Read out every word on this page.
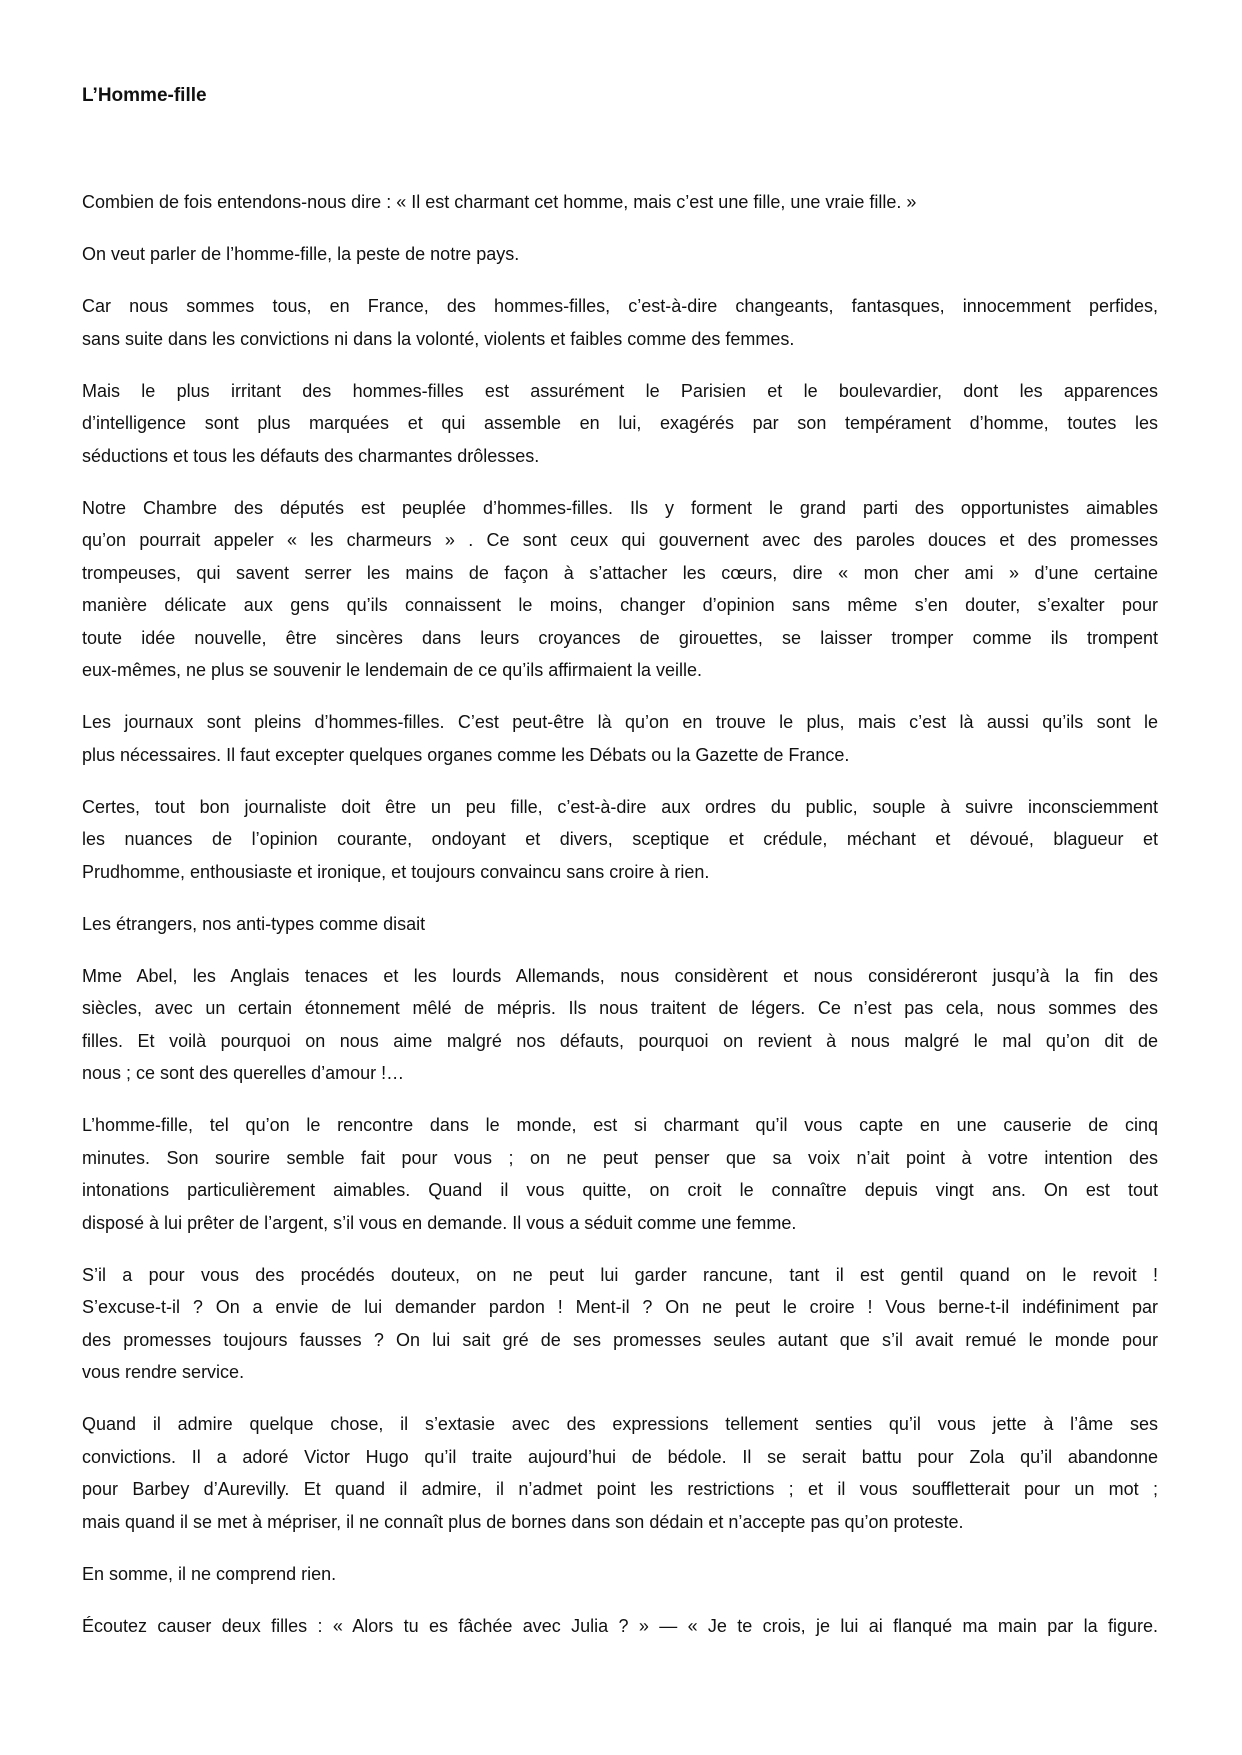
L’Homme-fille
Combien de fois entendons-nous dire : « Il est charmant cet homme, mais c’est une fille, une vraie fille. »
On veut parler de l’homme-fille, la peste de notre pays.
Car nous sommes tous, en France, des hommes-filles, c’est-à-dire changeants, fantasques, innocemment perfides,
sans suite dans les convictions ni dans la volonté, violents et faibles comme des femmes.
Mais le plus irritant des hommes-filles est assurément le Parisien et le boulevardier, dont les apparences
d’intelligence sont plus marquées et qui assemble en lui, exagérés par son tempérament d’homme, toutes les
séductions et tous les défauts des charmantes drôlesses.
Notre Chambre des députés est peuplée d’hommes-filles. Ils y forment le grand parti des opportunistes aimables
qu’on pourrait appeler « les charmeurs » . Ce sont ceux qui gouvernent avec des paroles douces et des promesses
trompeuses, qui savent serrer les mains de façon à s’attacher les cœurs, dire « mon cher ami » d’une certaine
manière délicate aux gens qu’ils connaissent le moins, changer d’opinion sans même s’en douter, s’exalter pour
toute idée nouvelle, être sincères dans leurs croyances de girouettes, se laisser tromper comme ils trompent
eux-mêmes, ne plus se souvenir le lendemain de ce qu’ils affirmaient la veille.
Les journaux sont pleins d’hommes-filles. C’est peut-être là qu’on en trouve le plus, mais c’est là aussi qu’ils sont le
plus nécessaires. Il faut excepter quelques organes comme les Débats ou la Gazette de France.
Certes, tout bon journaliste doit être un peu fille, c’est-à-dire aux ordres du public, souple à suivre inconsciemment
les nuances de l’opinion courante, ondoyant et divers, sceptique et crédule, méchant et dévoué, blagueur et
Prudhomme, enthousiaste et ironique, et toujours convaincu sans croire à rien.
Les étrangers, nos anti-types comme disait
Mme Abel, les Anglais tenaces et les lourds Allemands, nous considèrent et nous considéreront jusqu’à la fin des
siècles, avec un certain étonnement mêlé de mépris. Ils nous traitent de légers. Ce n’est pas cela, nous sommes des
filles. Et voilà pourquoi on nous aime malgré nos défauts, pourquoi on revient à nous malgré le mal qu’on dit de
nous ; ce sont des querelles d’amour !…
L’homme-fille, tel qu’on le rencontre dans le monde, est si charmant qu’il vous capte en une causerie de cinq
minutes. Son sourire semble fait pour vous ; on ne peut penser que sa voix n’ait point à votre intention des
intonations particulièrement aimables. Quand il vous quitte, on croit le connaître depuis vingt ans. On est tout
disposé à lui prêter de l’argent, s’il vous en demande. Il vous a séduit comme une femme.
S’il a pour vous des procédés douteux, on ne peut lui garder rancune, tant il est gentil quand on le revoit !
S’excuse-t-il ? On a envie de lui demander pardon ! Ment-il ? On ne peut le croire ! Vous berne-t-il indéfiniment par
des promesses toujours fausses ? On lui sait gré de ses promesses seules autant que s’il avait remué le monde pour
vous rendre service.
Quand il admire quelque chose, il s’extasie avec des expressions tellement senties qu’il vous jette à l’âme ses
convictions. Il a adoré Victor Hugo qu’il traite aujourd’hui de bédole. Il se serait battu pour Zola qu’il abandonne
pour Barbey d’Aurevilly. Et quand il admire, il n’admet point les restrictions ; et il vous souffletterait pour un mot ;
mais quand il se met à mépriser, il ne connaît plus de bornes dans son dédain et n’accepte pas qu’on proteste.
En somme, il ne comprend rien.
Écoutez causer deux filles : « Alors tu es fâchée avec Julia ? » — « Je te crois, je lui ai flanqué ma main par la figure.
